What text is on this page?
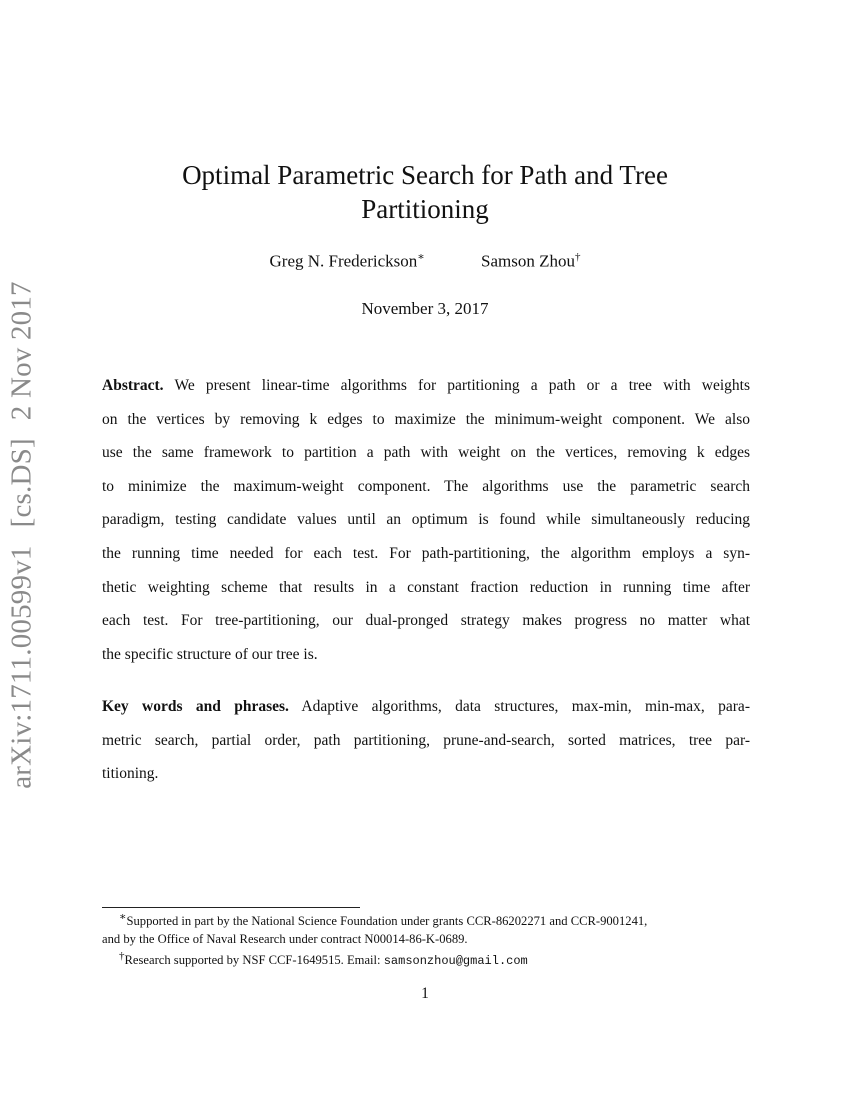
arXiv:1711.00599v1[cs.DS]2 Nov 2017
Optimal Parametric Search for Path and Tree
Partitioning
Greg N. Frederickson∗	Samson Zhou†
November 3, 2017
Abstract. We present linear-time algorithms for partitioning a path or a tree with weights
on the vertices by removing k edges to maximize the minimum-weight component. We also
use the same framework to partition a path with weight on the vertices, removing k edges
to minimize the maximum-weight component. The algorithms use the parametric search
paradigm, testing candidate values until an optimum is found while simultaneously reducing
the running time needed for each test. For path-partitioning, the algorithm employs a syn-
thetic weighting scheme that results in a constant fraction reduction in running time after
each test. For tree-partitioning, our dual-pronged strategy makes progress no matter what
the specific structure of our tree is.
Key words and phrases. Adaptive algorithms, data structures, max-min, min-max, para-
metric search, partial order, path partitioning, prune-and-search, sorted matrices, tree par-
titioning.
∗Supported in part by the National Science Foundation under grants CCR-86202271 and CCR-9001241,
and by the Office of Naval Research under contract N00014-86-K-0689.
†Research supported by NSF CCF-1649515. Email: samsonzhou@gmail.com
1
